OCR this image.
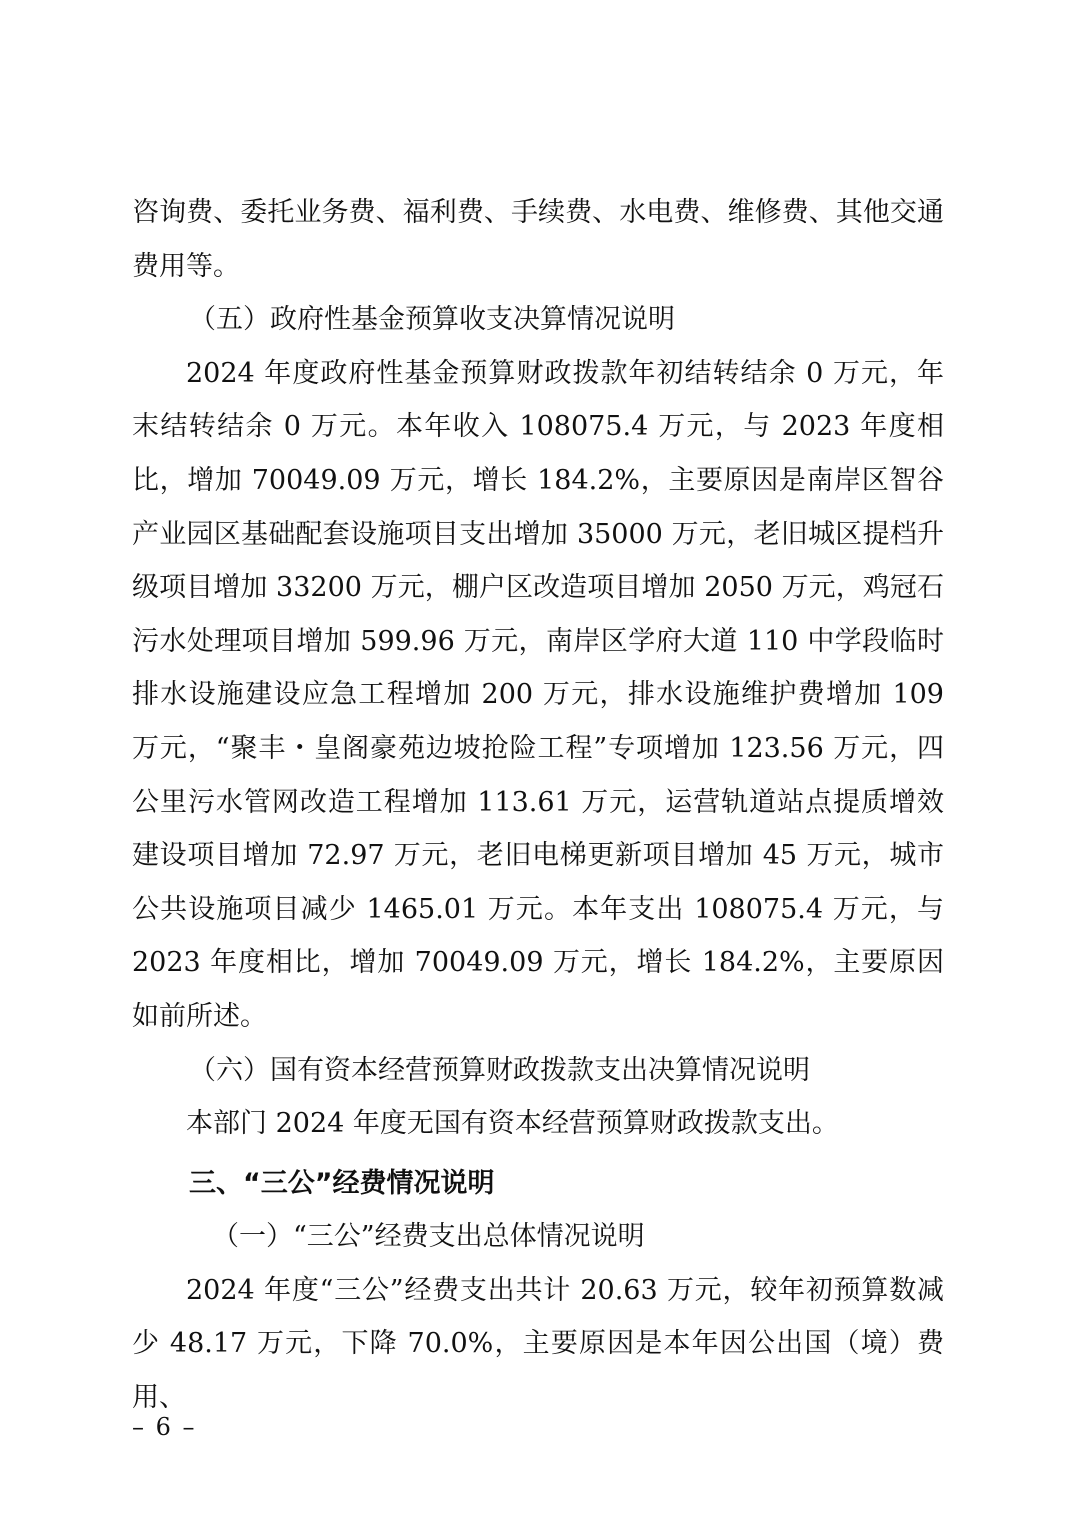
咨询费、委托业务费、福利费、手续费、水电费、维修费、其他交通费用等。

（五）政府性基金预算收支决算情况说明

2024 年度政府性基金预算财政拨款年初结转结余 0 万元，年末结转结余 0 万元。本年收入 108075.4 万元，与 2023 年度相比，增加 70049.09 万元，增长 184.2%，主要原因是南岸区智谷产业园区基础配套设施项目支出增加 35000 万元，老旧城区提档升级项目增加 33200 万元，棚户区改造项目增加 2050 万元，鸡冠石污水处理项目增加 599.96 万元，南岸区学府大道 110 中学段临时排水设施建设应急工程增加 200 万元，排水设施维护费增加 109 万元，“聚丰・皇阁豪苑边坡抢险工程”专项增加 123.56 万元，四公里污水管网改造工程增加 113.61 万元，运营轨道站点提质增效建设项目增加 72.97 万元，老旧电梯更新项目增加 45 万元，城市公共设施项目减少 1465.01 万元。本年支出 108075.4 万元，与 2023 年度相比，增加 70049.09 万元，增长 184.2%，主要原因如前所述。

（六）国有资本经营预算财政拨款支出决算情况说明

本部门 2024 年度无国有资本经营预算财政拨款支出。

三、“三公”经费情况说明

（一）“三公”经费支出总体情况说明

2024 年度“三公”经费支出共计 20.63 万元，较年初预算数减少 48.17 万元，下降 70.0%，主要原因是本年因公出国（境）费用、

– 6 –
